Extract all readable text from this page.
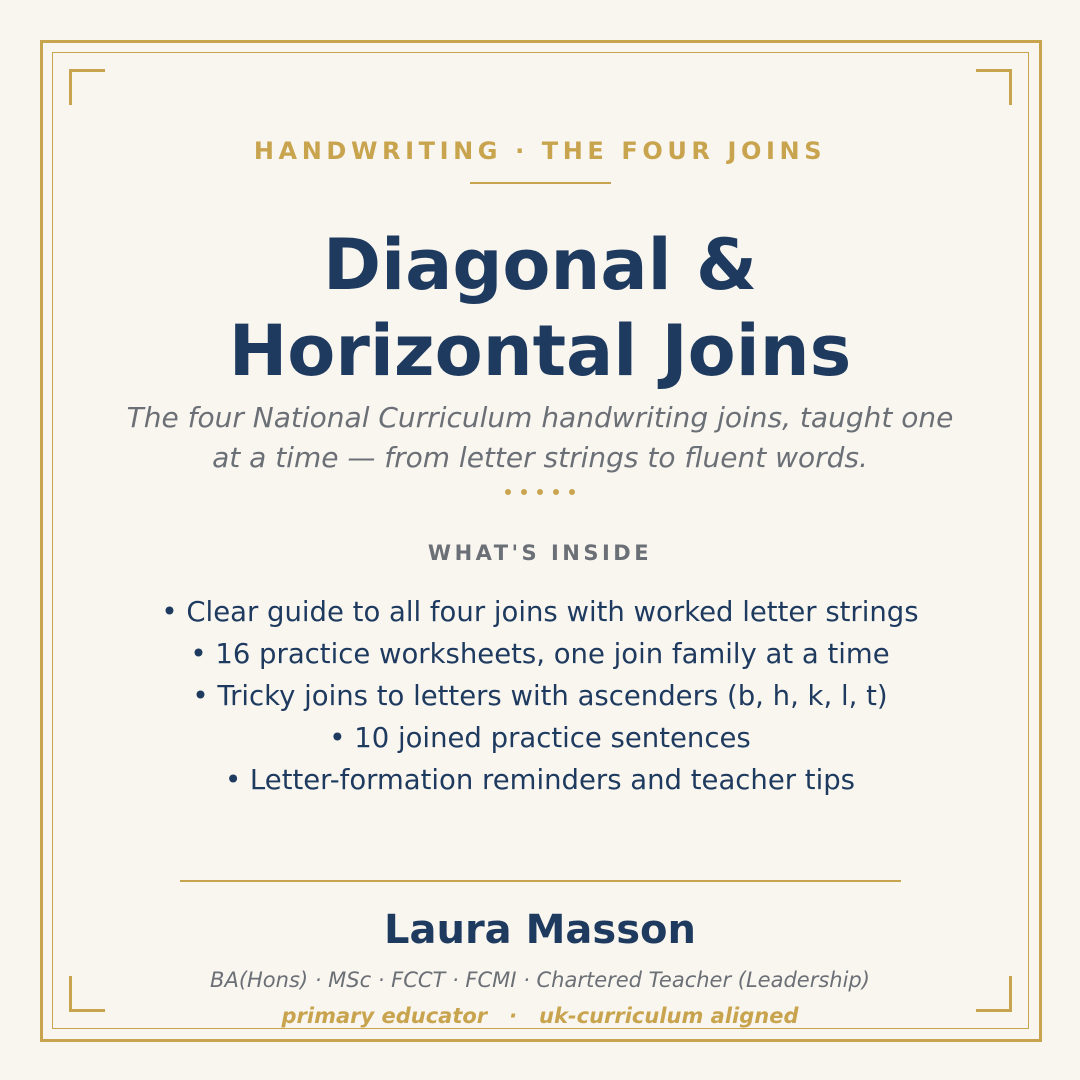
HANDWRITING · THE FOUR JOINS
Diagonal &
Horizontal Joins

The four National Curriculum handwriting joins, taught one at a time — from letter strings to fluent words.

WHAT'S INSIDE
• Clear guide to all four joins with worked letter strings
• 16 practice worksheets, one join family at a time
• Tricky joins to letters with ascenders (b, h, k, l, t)
• 10 joined practice sentences
• Letter-formation reminders and teacher tips
Laura Masson
BA(Hons) · MSc · FCCT · FCMI · Chartered Teacher (Leadership)
primary educator   ·   uk-curriculum aligned
